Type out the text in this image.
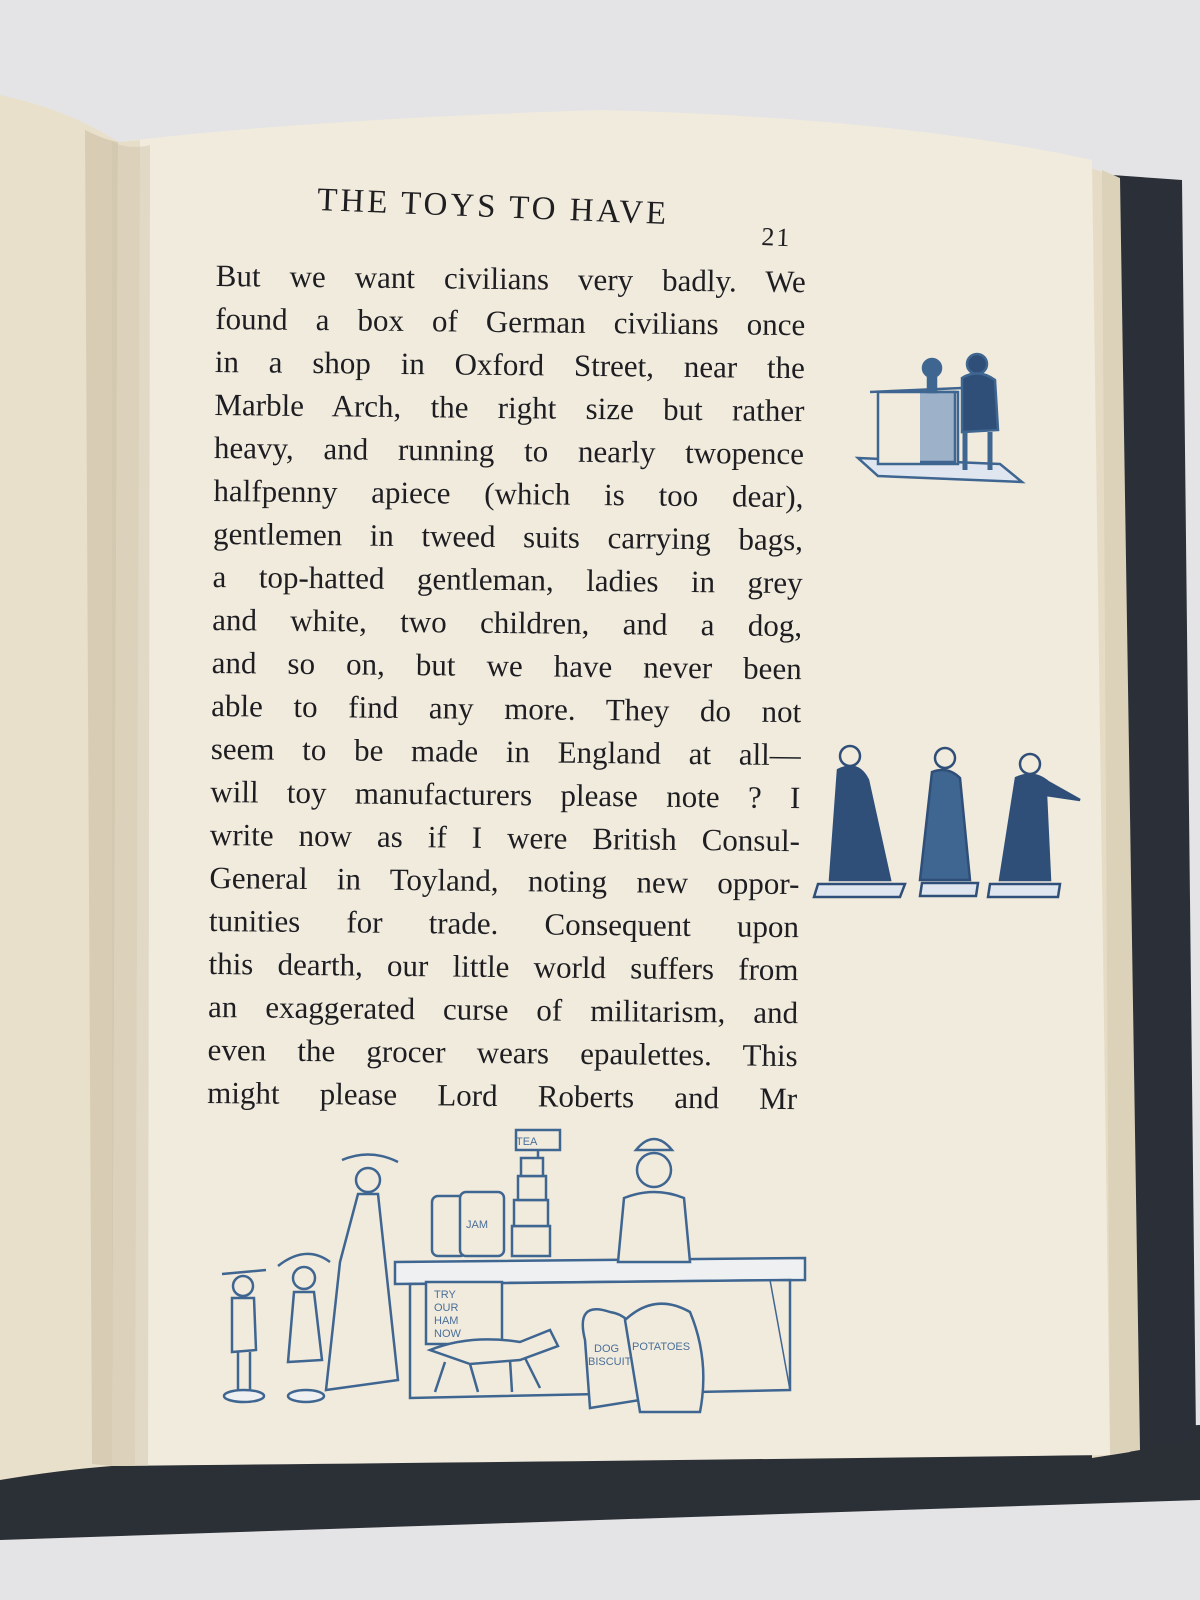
TEA
JAM
TRY
OUR
HAM
NOW
DOG
BISCUIT
POTATOES
THE TOYS TO HAVE
21
But we want civilians very badly. We
found a box of German civilians once
in a shop in Oxford Street, near the
Marble Arch, the right size but rather
heavy, and running to nearly twopence
halfpenny apiece (which is too dear),
gentlemen in tweed suits carrying bags,
a top-hatted gentleman, ladies in grey
and white, two children, and a dog,
and so on, but we have never been
able to find any more. They do not
seem to be made in England at all—
will toy manufacturers please note ? I
write now as if I were British Consul-
General in Toyland, noting new oppor-
tunities for trade. Consequent upon
this dearth, our little world suffers from
an exaggerated curse of militarism, and
even the grocer wears epaulettes. This
might please Lord Roberts and Mr
